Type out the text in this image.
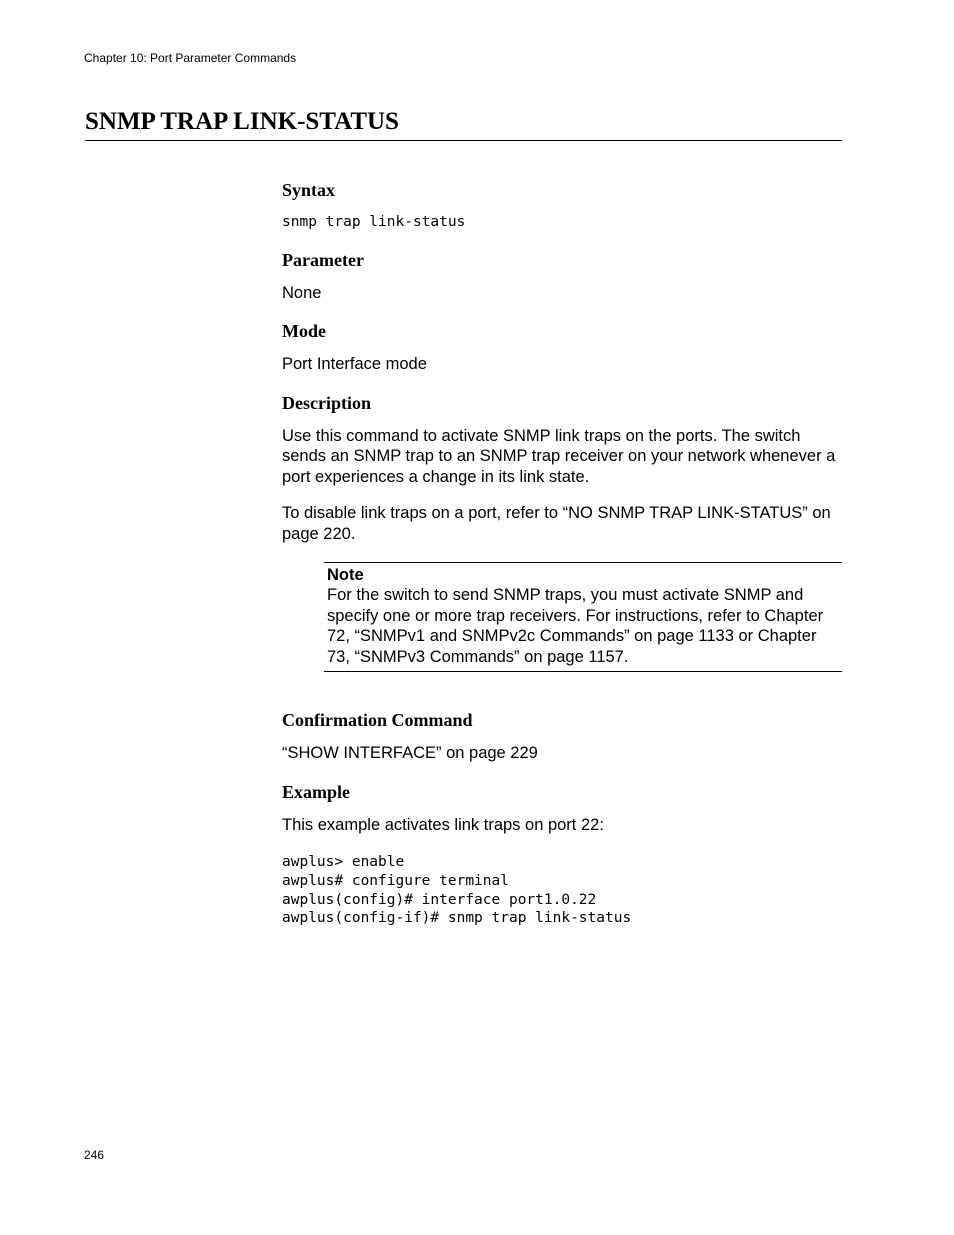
Chapter 10: Port Parameter Commands
SNMP TRAP LINK-STATUS
Syntax
snmp trap link-status
Parameter
None
Mode
Port Interface mode
Description
Use this command to activate SNMP link traps on the ports. The switch sends an SNMP trap to an SNMP trap receiver on your network whenever a port experiences a change in its link state.
To disable link traps on a port, refer to “NO SNMP TRAP LINK-STATUS” on page 220.
Note
For the switch to send SNMP traps, you must activate SNMP and specify one or more trap receivers. For instructions, refer to Chapter 72, “SNMPv1 and SNMPv2c Commands” on page 1133 or Chapter 73, “SNMPv3 Commands” on page 1157.
Confirmation Command
“SHOW INTERFACE” on page 229
Example
This example activates link traps on port 22:
awplus> enable
awplus# configure terminal
awplus(config)# interface port1.0.22
awplus(config-if)# snmp trap link-status
246
